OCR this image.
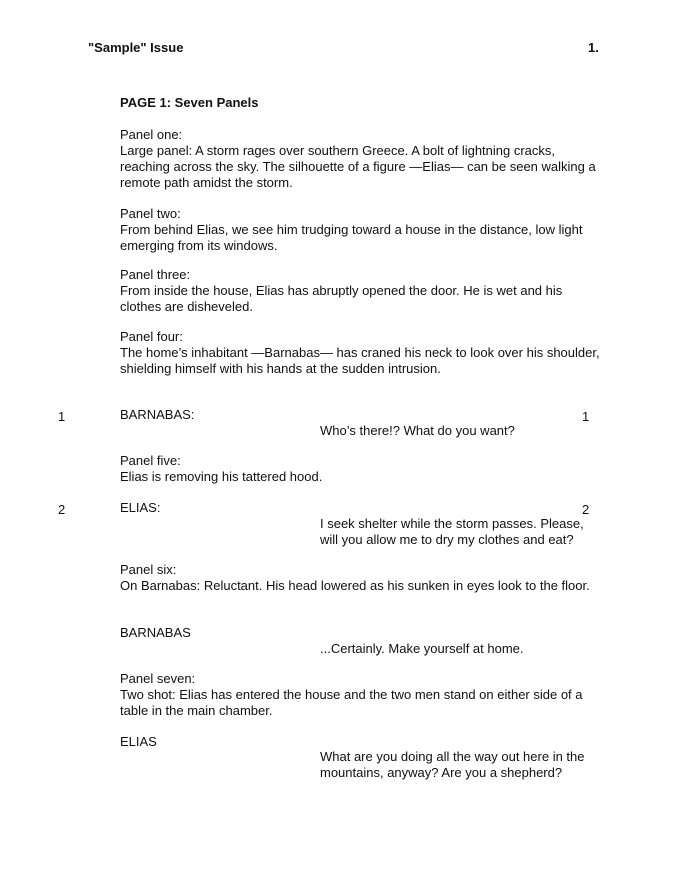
"Sample" Issue	1.
PAGE 1: Seven Panels
Panel one:
Large panel: A storm rages over southern Greece. A bolt of lightning cracks, reaching across the sky. The silhouette of a figure —Elias— can be seen walking a remote path amidst the storm.
Panel two:
From behind Elias, we see him trudging toward a house in the distance, low light emerging from its windows.
Panel three:
From inside the house, Elias has abruptly opened the door. He is wet and his clothes are disheveled.
Panel four:
The home’s inhabitant —Barnabas— has craned his neck to look over his shoulder, shielding himself with his hands at the sudden intrusion.
1	BARNABAS:	1
Who’s there!? What do you want?
Panel five:
Elias is removing his tattered hood.
2	ELIAS:	2
I seek shelter while the storm passes. Please, will you allow me to dry my clothes and eat?
Panel six:
On Barnabas: Reluctant. His head lowered as his sunken in eyes look to the floor.
BARNABAS
...Certainly. Make yourself at home.
Panel seven:
Two shot: Elias has entered the house and the two men stand on either side of a table in the main chamber.
ELIAS
What are you doing all the way out here in the mountains, anyway? Are you a shepherd?
